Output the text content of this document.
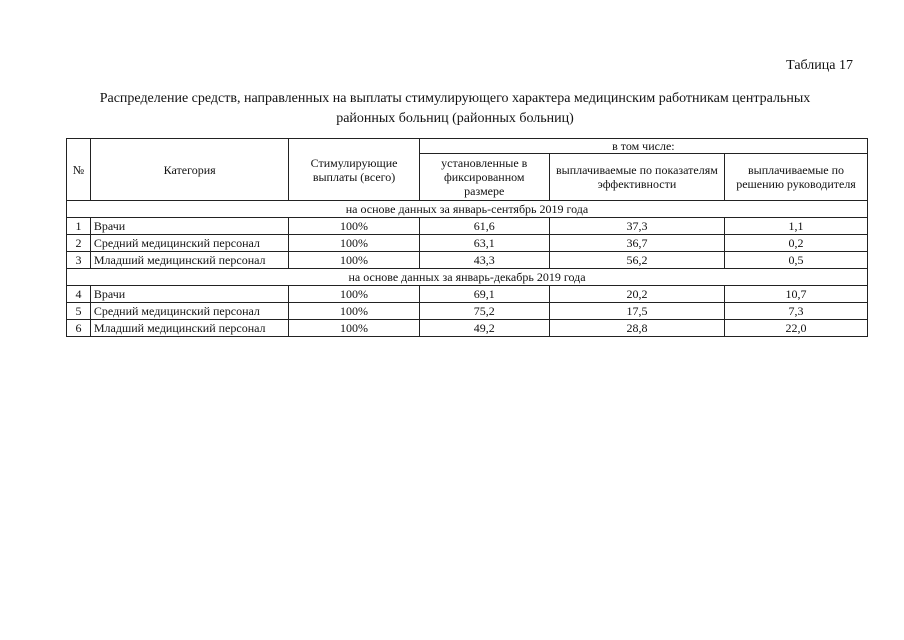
Таблица 17
Распределение средств, направленных на выплаты стимулирующего характера медицинским работникам центральных
районных больниц (районных больниц)
№	Категория	Стимулирующие выплаты (всего)	в том числе:		
			установленные в фиксированном размере	выплачиваемые по показателям эффективности	выплачиваемые по решению руководителя
на основе данных за январь-сентябрь 2019 года					
1	Врачи	100%	61,6	37,3	1,1
2	Средний медицинский персонал	100%	63,1	36,7	0,2
3	Младший медицинский персонал	100%	43,3	56,2	0,5
на основе данных за январь-декабрь 2019 года					
4	Врачи	100%	69,1	20,2	10,7
5	Средний медицинский персонал	100%	75,2	17,5	7,3
6	Младший медицинский персонал	100%	49,2	28,8	22,0
